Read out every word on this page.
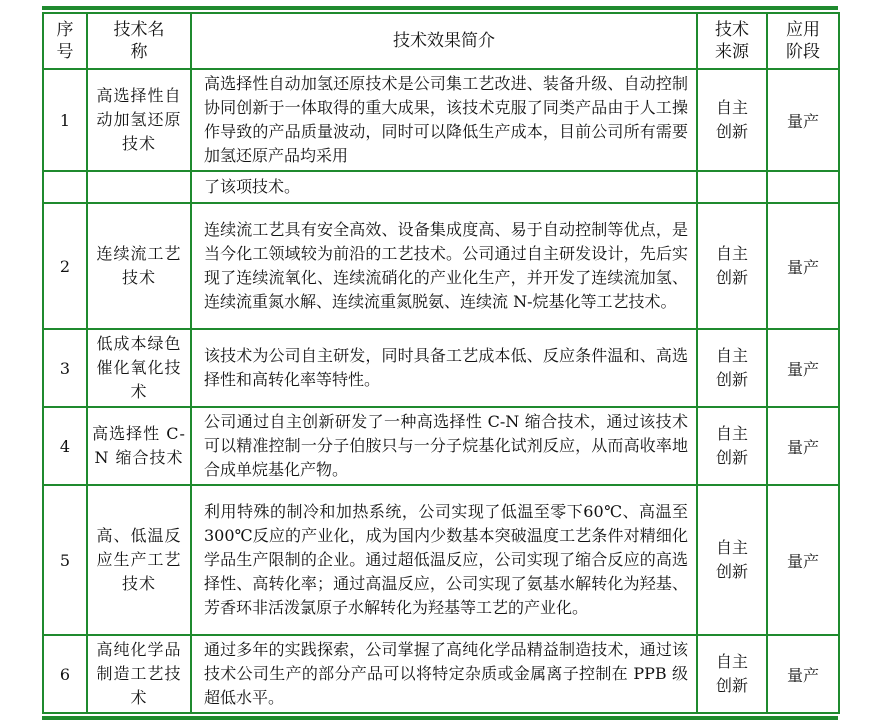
序号	技术名称	技术效果简介	技术来源	应用阶段
1	高选择性自动加氢还原技术	高选择性自动加氢还原技术是公司集工艺改进、装备升级、自动控制协同创新于一体取得的重大成果，该技术克服了同类产品由于人工操作导致的产品质量波动，同时可以降低生产成本，目前公司所有需要加氢还原产品均采用	自主创新	量产
		了该项技术。		
2	连续流工艺技术	连续流工艺具有安全高效、设备集成度高、易于自动控制等优点，是当今化工领域较为前沿的工艺技术。公司通过自主研发设计，先后实现了连续流氧化、连续流硝化的产业化生产，并开发了连续流加氢、连续流重氮水解、连续流重氮脱氨、连续流 N-烷基化等工艺技术。	自主创新	量产
3	低成本绿色催化氧化技术	该技术为公司自主研发，同时具备工艺成本低、反应条件温和、高选择性和高转化率等特性。	自主创新	量产
4	高选择性 C-N 缩合技术	公司通过自主创新研发了一种高选择性 C-N 缩合技术，通过该技术可以精准控制一分子伯胺只与一分子烷基化试剂反应，从而高收率地合成单烷基化产物。	自主创新	量产
5	高、低温反应生产工艺技术	利用特殊的制冷和加热系统，公司实现了低温至零下60℃、高温至 300℃反应的产业化，成为国内少数基本突破温度工艺条件对精细化学品生产限制的企业。通过超低温反应，公司实现了缩合反应的高选择性、高转化率；通过高温反应，公司实现了氨基水解转化为羟基、芳香环非活泼氯原子水解转化为羟基等工艺的产业化。	自主创新	量产
6	高纯化学品制造工艺技术	通过多年的实践探索，公司掌握了高纯化学品精益制造技术，通过该技术公司生产的部分产品可以将特定杂质或金属离子控制在 PPB 级超低水平。	自主创新	量产
